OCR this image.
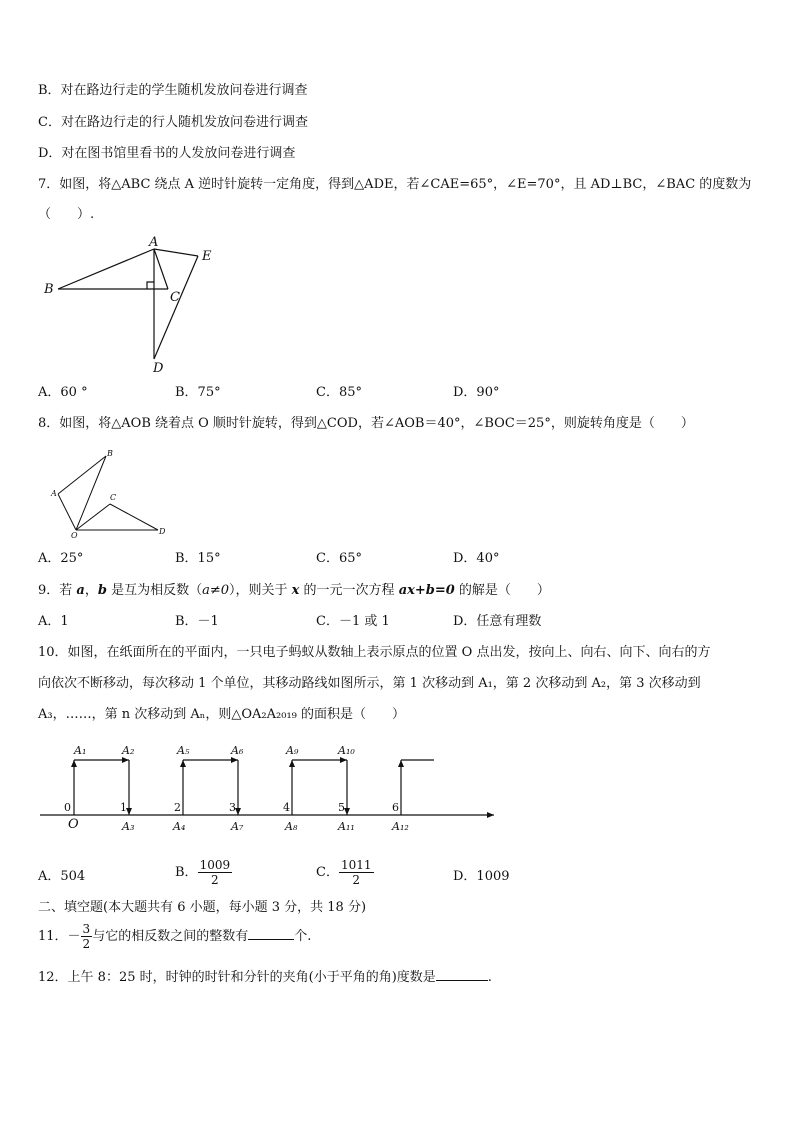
B．对在路边行走的学生随机发放问卷进行调查
C．对在路边行走的行人随机发放问卷进行调查
D．对在图书馆里看书的人发放问卷进行调查
7．如图，将△ABC 绕点 A 逆时针旋转一定角度，得到△ADE，若∠CAE=65°，∠E=70°，且 AD⊥BC，∠BAC 的度数为
（　　）.
A
B
C
D
E
A．60 °	B．75°	C．85°	D．90°
8．如图，将△AOB 绕着点 O 顺时针旋转，得到△COD，若∠AOB＝40°，∠BOC＝25°，则旋转角度是（　　）
A
B
C
D
O
A．25°	B．15°	C．65°	D．40°
9．若 a，b 是互为相反数（a≠0），则关于 x 的一元一次方程 ax+b=0 的解是（　　）
A．1	B．－1	C．－1 或 1	D．任意有理数
10．如图，在纸面所在的平面内，一只电子蚂蚁从数轴上表示原点的位置 O 点出发，按向上、向右、向下、向右的方
向依次不断移动，每次移动 1 个单位，其移动路线如图所示，第 1 次移动到 A₁，第 2 次移动到 A₂，第 3 次移动到
A₃，……，第 n 次移动到 Aₙ，则△OA₂A₂₀₁₉ 的面积是（　　）
0	1	2	3	4	5	6
O
A₁	A₂	A₅	A₆	A₉	A₁₀
A₃	A₄	A₇	A₈	A₁₁	A₁₂
A．504	B． $\frac{1009}{2}$	C． $\frac{1011}{2}$	D．1009
二、填空题(本大题共有 6 小题，每小题 3 分，共 18 分)
11．－ $\frac{3}{2}$ 与它的相反数之间的整数有	个.
12．上午 8：25 时，时钟的时针和分针的夹角(小于平角的角)度数是	.
